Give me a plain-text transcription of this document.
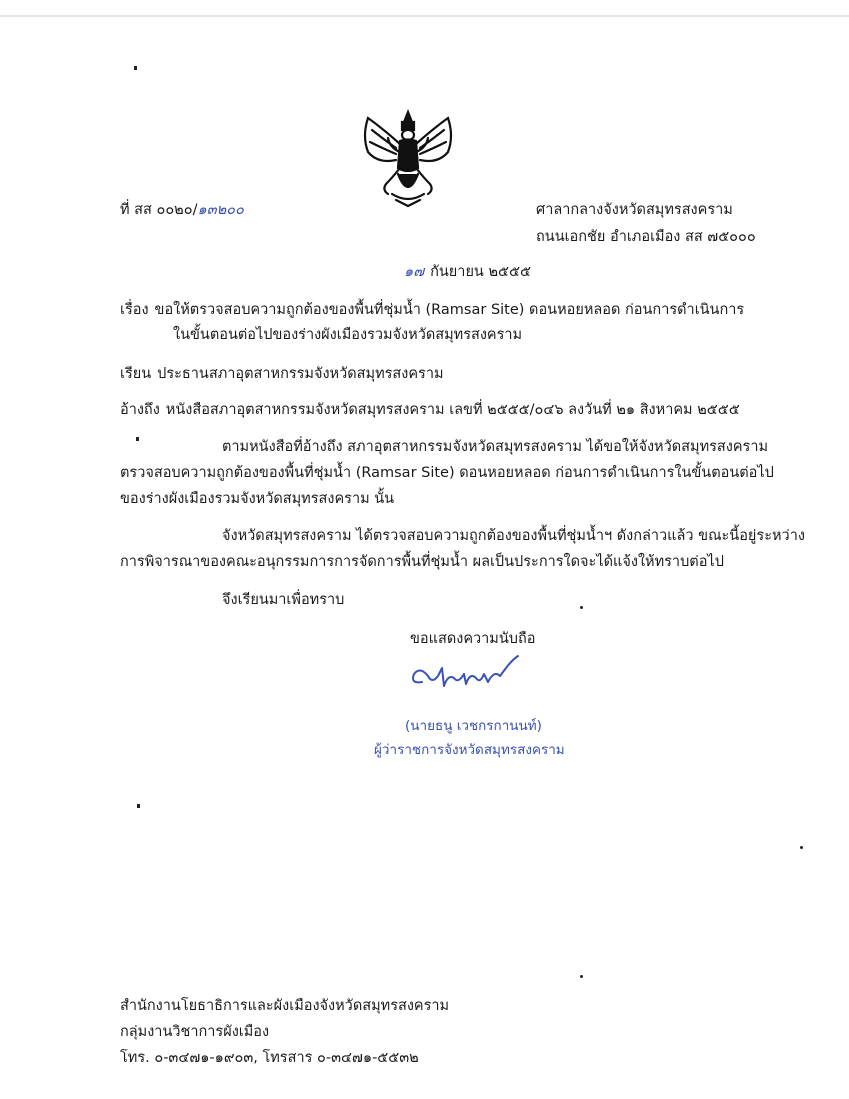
ที่ สส ๐๐๒๐/๑๓๒๐๐	ศาลากลางจังหวัดสมุทรสงคราม
ถนนเอกชัย อำเภอเมือง สส ๗๕๐๐๐
๑๗ กันยายน ๒๕๕๕
เรื่อง ขอให้ตรวจสอบความถูกต้องของพื้นที่ชุ่มน้ำ (Ramsar Site) ดอนหอยหลอด ก่อนการดำเนินการ
ในขั้นตอนต่อไปของร่างผังเมืองรวมจังหวัดสมุทรสงคราม
เรียน ประธานสภาอุตสาหกรรมจังหวัดสมุทรสงคราม
อ้างถึง หนังสือสภาอุตสาหกรรมจังหวัดสมุทรสงคราม เลขที่ ๒๕๕๕/๐๔๖ ลงวันที่ ๒๑ สิงหาคม ๒๕๕๕
ตามหนังสือที่อ้างถึง สภาอุตสาหกรรมจังหวัดสมุทรสงคราม ได้ขอให้จังหวัดสมุทรสงคราม
ตรวจสอบความถูกต้องของพื้นที่ชุ่มน้ำ (Ramsar Site) ดอนหอยหลอด ก่อนการดำเนินการในขั้นตอนต่อไป
ของร่างผังเมืองรวมจังหวัดสมุทรสงคราม นั้น
จังหวัดสมุทรสงคราม ได้ตรวจสอบความถูกต้องของพื้นที่ชุ่มน้ำฯ ดังกล่าวแล้ว ขณะนี้อยู่ระหว่าง
การพิจารณาของคณะอนุกรรมการการจัดการพื้นที่ชุ่มน้ำ ผลเป็นประการใดจะได้แจ้งให้ทราบต่อไป
จึงเรียนมาเพื่อทราบ
ขอแสดงความนับถือ
(นายธนู เวชกรกานนท์)
ผู้ว่าราชการจังหวัดสมุทรสงคราม
สำนักงานโยธาธิการและผังเมืองจังหวัดสมุทรสงคราม
กลุ่มงานวิชาการผังเมือง
โทร. ๐-๓๔๗๑-๑๙๐๓, โทรสาร ๐-๓๔๗๑-๕๕๓๒
